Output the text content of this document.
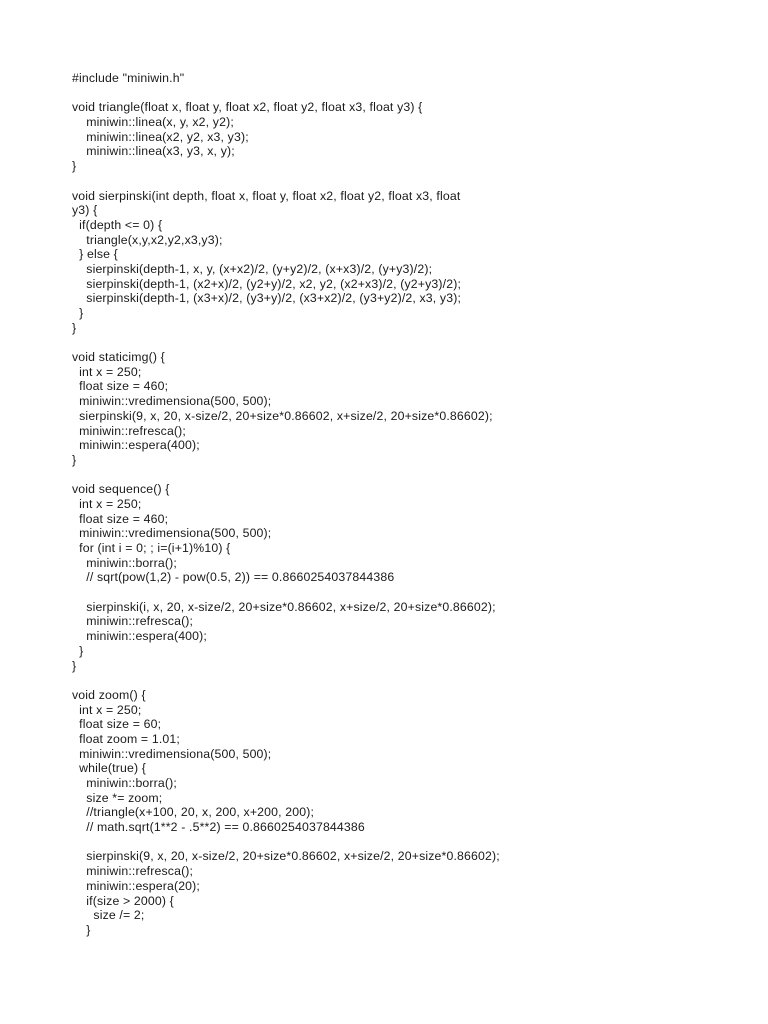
#include "miniwin.h"
void triangle(float x, float y, float x2, float y2, float x3, float y3) {
miniwin::linea(x, y, x2, y2);
miniwin::linea(x2, y2, x3, y3);
miniwin::linea(x3, y3, x, y);
}
void sierpinski(int depth, float x, float y, float x2, float y2, float x3, float
y3) {
if(depth <= 0) {
triangle(x,y,x2,y2,x3,y3);
} else {
sierpinski(depth-1, x, y, (x+x2)/2, (y+y2)/2, (x+x3)/2, (y+y3)/2);
sierpinski(depth-1, (x2+x)/2, (y2+y)/2, x2, y2, (x2+x3)/2, (y2+y3)/2);
sierpinski(depth-1, (x3+x)/2, (y3+y)/2, (x3+x2)/2, (y3+y2)/2, x3, y3);
}
}
void staticimg() {
int x = 250;
float size = 460;
miniwin::vredimensiona(500, 500);
sierpinski(9, x, 20, x-size/2, 20+size*0.86602, x+size/2, 20+size*0.86602);
miniwin::refresca();
miniwin::espera(400);
}
void sequence() {
int x = 250;
float size = 460;
miniwin::vredimensiona(500, 500);
for (int i = 0; ; i=(i+1)%10) {
miniwin::borra();
// sqrt(pow(1,2) - pow(0.5, 2)) == 0.8660254037844386
sierpinski(i, x, 20, x-size/2, 20+size*0.86602, x+size/2, 20+size*0.86602);
miniwin::refresca();
miniwin::espera(400);
}
}
void zoom() {
int x = 250;
float size = 60;
float zoom = 1.01;
miniwin::vredimensiona(500, 500);
while(true) {
miniwin::borra();
size *= zoom;
//triangle(x+100, 20, x, 200, x+200, 200);
// math.sqrt(1**2 - .5**2) == 0.8660254037844386
sierpinski(9, x, 20, x-size/2, 20+size*0.86602, x+size/2, 20+size*0.86602);
miniwin::refresca();
miniwin::espera(20);
if(size > 2000) {
size /= 2;
}
